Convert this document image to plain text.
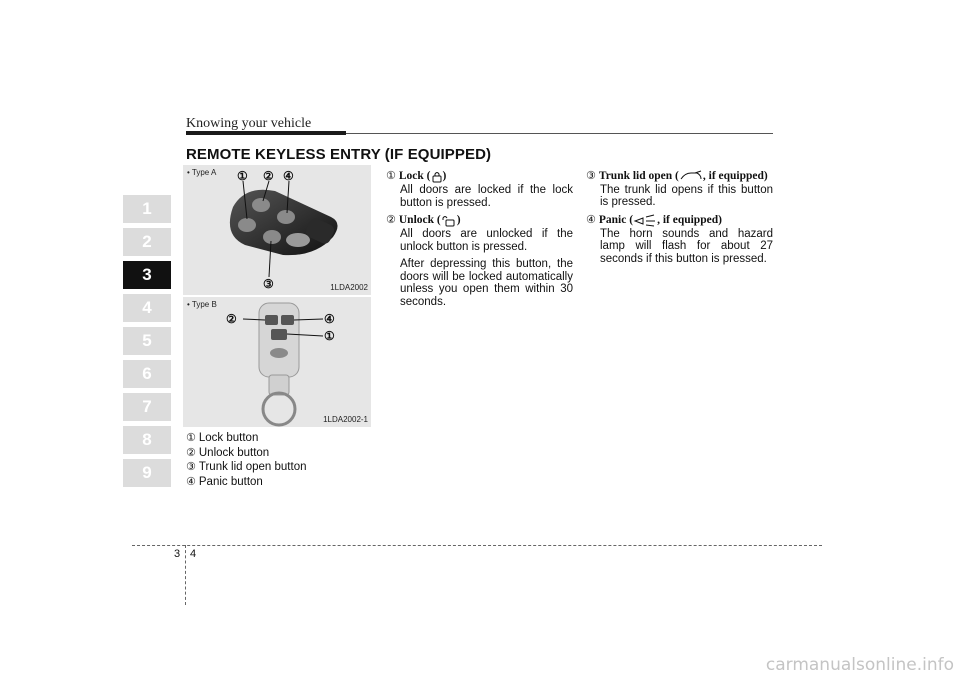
Knowing your vehicle
REMOTE KEYLESS ENTRY (IF EQUIPPED)
1
2
3
4
5
6
7
8
9
• Type A ① ② ④
③	1LDA2002
• Type B
②	④
①
1LDA2002-1
① Lock button
② Unlock button
③ Trunk lid open button
④ Panic button
① Lock ( )

All doors are locked if the lock button is pressed.

② Unlock ( )

All doors are unlocked if the unlock button is pressed.

After depressing this button, the doors will be locked automatically unless you open them within 30 seconds.

③ Trunk lid open ( , if equipped)

The trunk lid opens if this button is pressed.

④ Panic ( , if equipped)

The horn sounds and hazard lamp will flash for about 27 seconds if this button is pressed.

3 4
carmanualsonline.info
